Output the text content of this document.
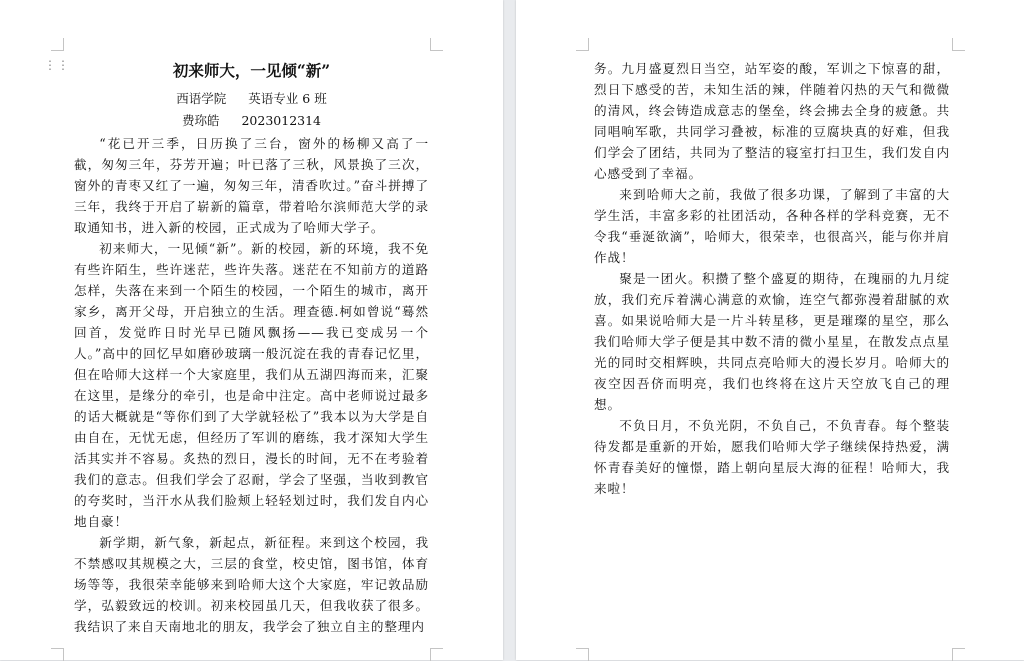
⋮⋮	初来师大，一见倾“新”
西语学院 英语专业 6 班
费珎皓 2023012314

“花已开三季，日历换了三台，窗外的杨柳又高了一截，匆匆三年，芬芳开遍；叶已落了三秋，风景换了三次，窗外的青枣又红了一遍，匆匆三年，清香吹过。”奋斗拼搏了三年，我终于开启了崭新的篇章，带着哈尔滨师范大学的录取通知书，进入新的校园，正式成为了哈师大学子。

初来师大，一见倾“新”。新的校园，新的环境，我不免有些许陌生，些许迷茫，些许失落。迷茫在不知前方的道路怎样，失落在来到一个陌生的校园，一个陌生的城市，离开家乡，离开父母，开启独立的生活。理查德.柯如曾说“蓦然回首，发觉昨日时光早已随风飘扬——我已变成另一个人。”高中的回忆早如磨砂玻璃一般沉淀在我的青春记忆里，但在哈师大这样一个大家庭里，我们从五湖四海而来，汇聚在这里，是缘分的牵引，也是命中注定。高中老师说过最多的话大概就是“等你们到了大学就轻松了”我本以为大学是自由自在，无忧无虑，但经历了军训的磨练，我才深知大学生活其实并不容易。炙热的烈日，漫长的时间，无不在考验着我们的意志。但我们学会了忍耐，学会了坚强，当收到教官的夸奖时，当汗水从我们脸颊上轻轻划过时，我们发自内心地自豪！

新学期，新气象，新起点，新征程。来到这个校园，我不禁感叹其规模之大，三层的食堂，校史馆，图书馆，体育场等等，我很荣幸能够来到哈师大这个大家庭，牢记敦品励学，弘毅致远的校训。初来校园虽几天，但我收获了很多。我结识了来自天南地北的朋友，我学会了独立自主的整理内

务。九月盛夏烈日当空，站军姿的酸，军训之下惊喜的甜，烈日下感受的苦，未知生活的辣，伴随着闪热的天气和微微的清风，终会铸造成意志的堡垒，终会拂去全身的疲惫。共同唱响军歌，共同学习叠被，标准的豆腐块真的好难，但我们学会了团结，共同为了整洁的寝室打扫卫生，我们发自内心感受到了幸福。

来到哈师大之前，我做了很多功课，了解到了丰富的大学生活，丰富多彩的社团活动，各种各样的学科竞赛，无不令我“垂涎欲滴”，哈师大，很荣幸，也很高兴，能与你并肩作战！

聚是一团火。积攒了整个盛夏的期待，在瑰丽的九月绽放，我们充斥着满心满意的欢愉，连空气都弥漫着甜腻的欢喜。如果说哈师大是一片斗转星移，更是璀璨的星空，那么我们哈师大学子便是其中数不清的微小星星，在散发点点星光的同时交相辉映，共同点亮哈师大的漫长岁月。哈师大的夜空因吾侪而明亮，我们也终将在这片天空放飞自己的理想。

不负日月，不负光阴，不负自己，不负青春。每个整装待发都是重新的开始，愿我们哈师大学子继续保持热爱，满怀青春美好的憧憬，踏上朝向星辰大海的征程！哈师大，我来啦！
